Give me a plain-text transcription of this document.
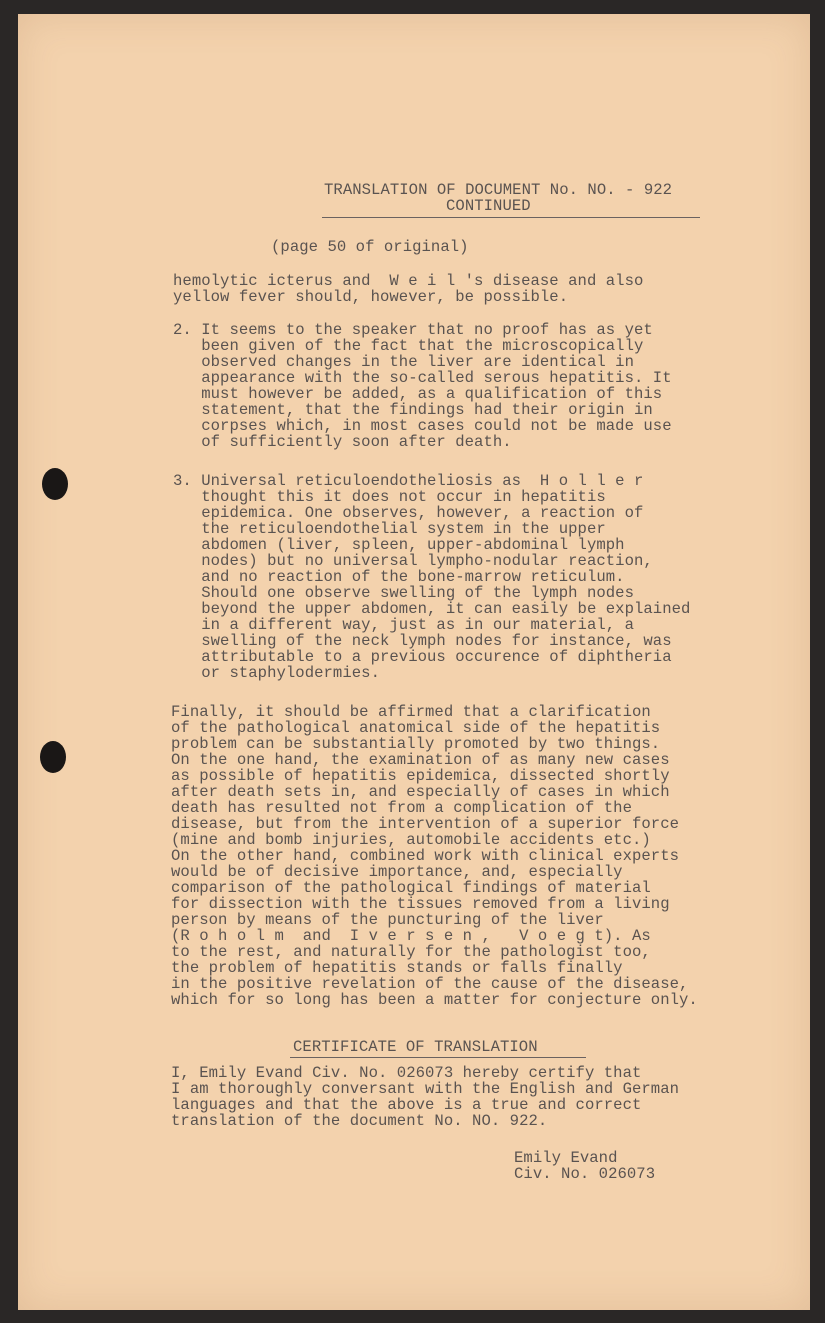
TRANSLATION OF DOCUMENT No. NO. - 922
CONTINUED
(page 50 of original)
hemolytic icterus and  W e i l 's disease and also
yellow fever should, however, be possible.
2. It seems to the speaker that no proof has as yet
been given of the fact that the microscopically
observed changes in the liver are identical in
appearance with the so-called serous hepatitis. It
must however be added, as a qualification of this
statement, that the findings had their origin in
corpses which, in most cases could not be made use
of sufficiently soon after death.
3. Universal reticuloendotheliosis as  H o l l e r
thought this it does not occur in hepatitis
epidemica. One observes, however, a reaction of
the reticuloendothelial system in the upper
abdomen (liver, spleen, upper-abdominal lymph
nodes) but no universal lympho-nodular reaction,
and no reaction of the bone-marrow reticulum.
Should one observe swelling of the lymph nodes
beyond the upper abdomen, it can easily be explained
in a different way, just as in our material, a
swelling of the neck lymph nodes for instance, was
attributable to a previous occurence of diphtheria
or staphylodermies.
Finally, it should be affirmed that a clarification
of the pathological anatomical side of the hepatitis
problem can be substantially promoted by two things.
On the one hand, the examination of as many new cases
as possible of hepatitis epidemica, dissected shortly
after death sets in, and especially of cases in which
death has resulted not from a complication of the
disease, but from the intervention of a superior force
(mine and bomb injuries, automobile accidents etc.)
On the other hand, combined work with clinical experts
would be of decisive importance, and, especially
comparison of the pathological findings of material
for dissection with the tissues removed from a living
person by means of the puncturing of the liver
(R o h o l m  and  I v e r s e n ,   V o e g t). As
to the rest, and naturally for the pathologist too,
the problem of hepatitis stands or falls finally
in the positive revelation of the cause of the disease,
which for so long has been a matter for conjecture only.
CERTIFICATE OF TRANSLATION
I, Emily Evand Civ. No. 026073 hereby certify that
I am thoroughly conversant with the English and German
languages and that the above is a true and correct
translation of the document No. NO. 922.
Emily Evand
Civ. No. 026073
